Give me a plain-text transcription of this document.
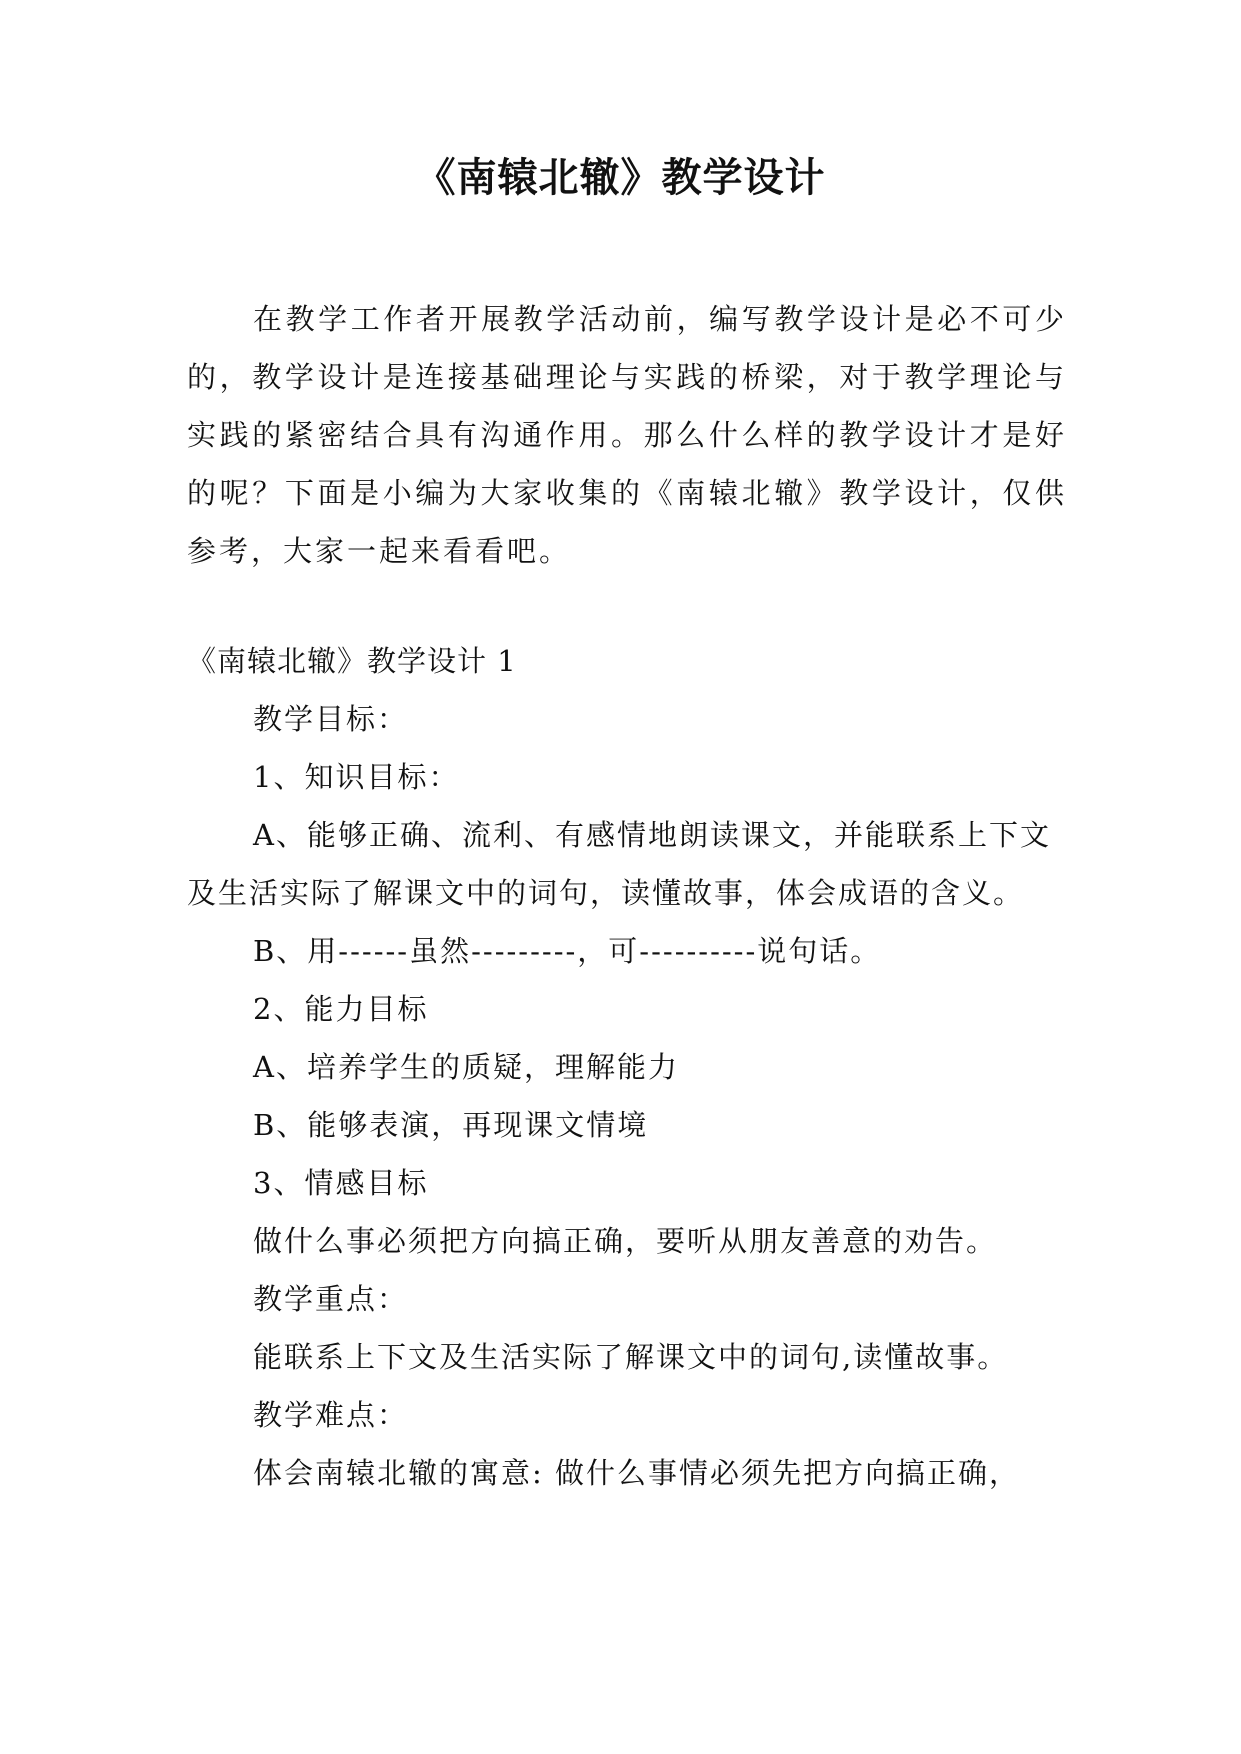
《南辕北辙》教学设计

在教学工作者开展教学活动前，编写教学设计是必不可少的，教学设计是连接基础理论与实践的桥梁，对于教学理论与实践的紧密结合具有沟通作用。那么什么样的教学设计才是好的呢？下面是小编为大家收集的《南辕北辙》教学设计，仅供参考，大家一起来看看吧。

《南辕北辙》教学设计 1

教学目标：

1、知识目标：

A、能够正确、流利、有感情地朗读课文，并能联系上下文及生活实际了解课文中的词句，读懂故事，体会成语的含义。

B、用------虽然---------，可----------说句话。

2、能力目标

A、培养学生的质疑，理解能力

B、能够表演，再现课文情境

3、情感目标

做什么事必须把方向搞正确，要听从朋友善意的劝告。

教学重点：

能联系上下文及生活实际了解课文中的词句,读懂故事。

教学难点：

体会南辕北辙的寓意: 做什么事情必须先把方向搞正确，
